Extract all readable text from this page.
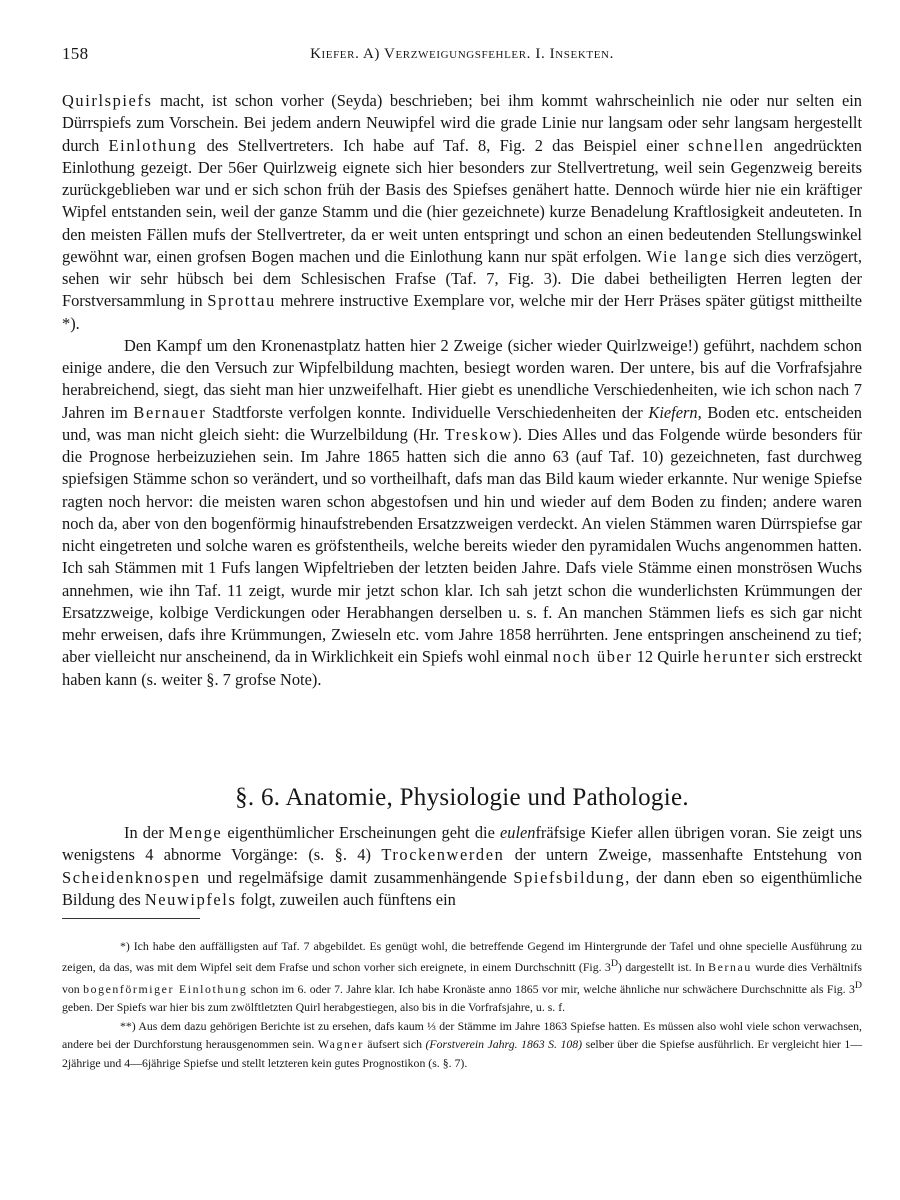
158	Kiefer. A) Verzweigungsfehler. I. Insekten.

Quirlspiefs macht, ist schon vorher (Seyda) beschrieben; bei ihm kommt wahrscheinlich nie oder nur selten ein Dürrspiefs zum Vorschein. Bei jedem andern Neuwipfel wird die grade Linie nur langsam oder sehr langsam hergestellt durch Einlothung des Stellvertreters. Ich habe auf Taf. 8, Fig. 2 das Beispiel einer schnellen angedrückten Einlothung gezeigt. Der 56er Quirlzweig eignete sich hier besonders zur Stellvertretung, weil sein Gegenzweig bereits zurückgeblieben war und er sich schon früh der Basis des Spiefses genähert hatte. Dennoch würde hier nie ein kräftiger Wipfel entstanden sein, weil der ganze Stamm und die (hier gezeichnete) kurze Benadelung Kraftlosigkeit andeuteten. In den meisten Fällen mufs der Stellvertreter, da er weit unten entspringt und schon an einen bedeutenden Stellungswinkel gewöhnt war, einen grofsen Bogen machen und die Einlothung kann nur spät erfolgen. Wie lange sich dies verzögert, sehen wir sehr hübsch bei dem Schlesischen Frafse (Taf. 7, Fig. 3). Die dabei betheiligten Herren legten der Forstversammlung in Sprottau mehrere instructive Exemplare vor, welche mir der Herr Präses später gütigst mittheilte *).

Den Kampf um den Kronenastplatz hatten hier 2 Zweige (sicher wieder Quirlzweige!) geführt, nachdem schon einige andere, die den Versuch zur Wipfelbildung machten, besiegt worden waren. Der untere, bis auf die Vorfrafsjahre herabreichend, siegt, das sieht man hier unzweifelhaft. Hier giebt es unendliche Verschiedenheiten, wie ich schon nach 7 Jahren im Bernauer Stadtforste verfolgen konnte. Individuelle Verschiedenheiten der Kiefern, Boden etc. entscheiden und, was man nicht gleich sieht: die Wurzelbildung (Hr. Treskow). Dies Alles und das Folgende würde besonders für die Prognose herbeizuziehen sein. Im Jahre 1865 hatten sich die anno 63 (auf Taf. 10) gezeichneten, fast durchweg spiefsigen Stämme schon so verändert, und so vortheilhaft, dafs man das Bild kaum wieder erkannte. Nur wenige Spiefse ragten noch hervor: die meisten waren schon abgestofsen und hin und wieder auf dem Boden zu finden; andere waren noch da, aber von den bogenförmig hinaufstrebenden Ersatzzweigen verdeckt. An vielen Stämmen waren Dürrspiefse gar nicht eingetreten und solche waren es gröfstentheils, welche bereits wieder den pyramidalen Wuchs angenommen hatten. Ich sah Stämmen mit 1 Fufs langen Wipfeltrieben der letzten beiden Jahre. Dafs viele Stämme einen monströsen Wuchs annehmen, wie ihn Taf. 11 zeigt, wurde mir jetzt schon klar. Ich sah jetzt schon die wunderlichsten Krümmungen der Ersatzzweige, kolbige Verdickungen oder Herabhangen derselben u. s. f. An manchen Stämmen liefs es sich gar nicht mehr erweisen, dafs ihre Krümmungen, Zwieseln etc. vom Jahre 1858 herrührten. Jene entspringen anscheinend zu tief; aber vielleicht nur anscheinend, da in Wirklichkeit ein Spiefs wohl einmal noch über 12 Quirle herunter sich erstreckt haben kann (s. weiter §. 7 grofse Note).

§. 6. Anatomie, Physiologie und Pathologie.

In der Menge eigenthümlicher Erscheinungen geht die eulenfräfsige Kiefer allen übrigen voran. Sie zeigt uns wenigstens 4 abnorme Vorgänge: (s. §. 4) Trockenwerden der untern Zweige, massenhafte Entstehung von Scheidenknospen und regelmäfsige damit zusammenhängende Spiefsbildung, der dann eben so eigenthümliche Bildung des Neuwipfels folgt, zuweilen auch fünftens ein

*) Ich habe den auffälligsten auf Taf. 7 abgebildet. Es genügt wohl, die betreffende Gegend im Hintergrunde der Tafel und ohne specielle Ausführung zu zeigen, da das, was mit dem Wipfel seit dem Frafse und schon vorher sich ereignete, in einem Durchschnitt (Fig. $3^D$) dargestellt ist. In Bernau wurde dies Verhältnifs von bogenförmiger Einlothung schon im 6. oder 7. Jahre klar. Ich habe Kronäste anno 1865 vor mir, welche ähnliche nur schwächere Durchschnitte als Fig. $3^D$ geben. Der Spiefs war hier bis zum zwölftletzten Quirl herabgestiegen, also bis in die Vorfrafsjahre, u. s. f.

**) Aus dem dazu gehörigen Berichte ist zu ersehen, dafs kaum ⅓ der Stämme im Jahre 1863 Spiefse hatten. Es müssen also wohl viele schon verwachsen, andere bei der Durchforstung herausgenommen sein. Wagner äufsert sich (Forstverein Jahrg. 1863 S. 108) selber über die Spiefse ausführlich. Er vergleicht hier 1—2jährige und 4—6jährige Spiefse und stellt letzteren kein gutes Prognostikon (s. §. 7).
